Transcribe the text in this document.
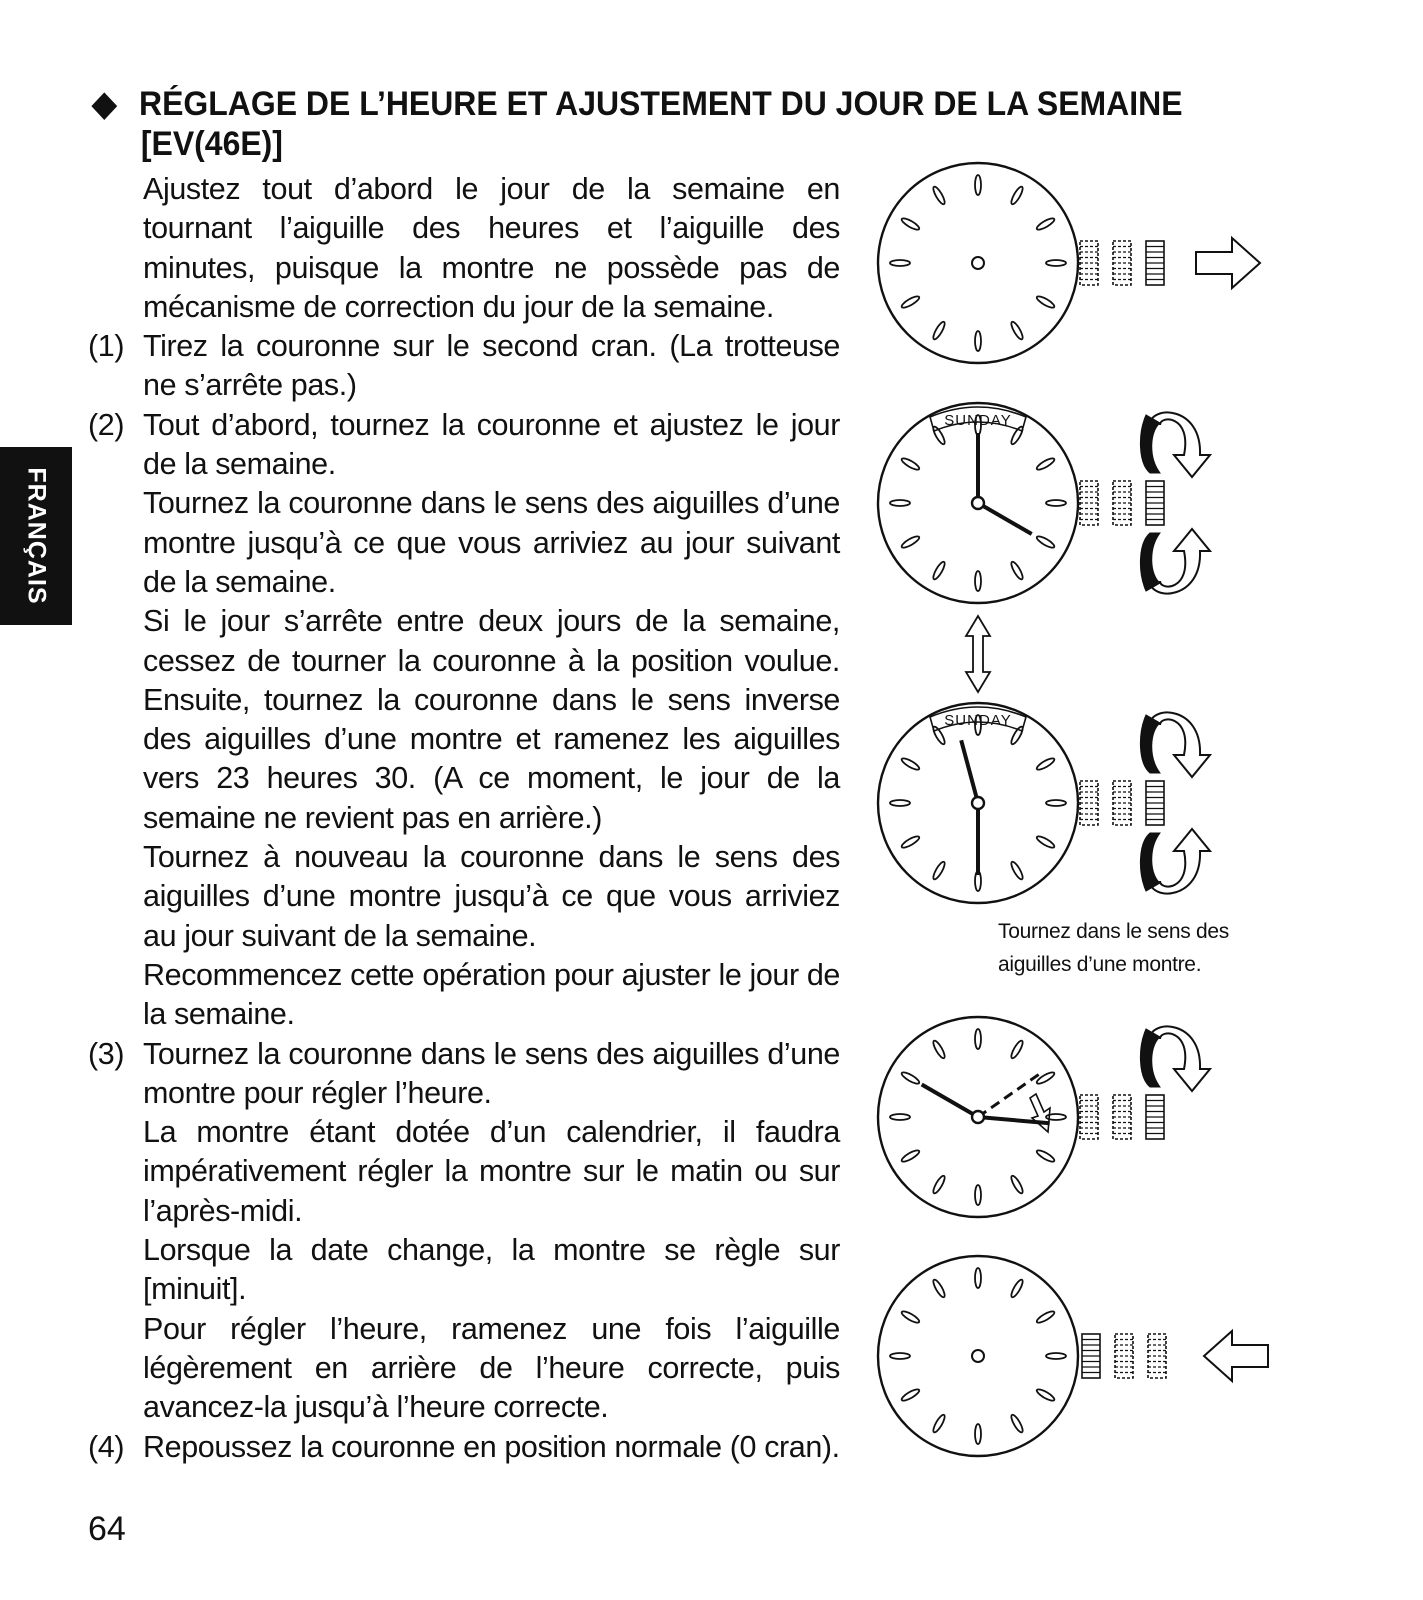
FRANÇAIS
◆ RÉGLAGE DE L’HEURE ET AJUSTEMENT DU JOUR DE LA SEMAINE
[EV(46E)]
Ajustez tout d’abord le jour de la semaine en tournant l’aiguille des heures et l’aiguille des minutes, puisque la montre ne possède pas de mécanisme de correction du jour de la semaine.
(1) Tirez la couronne sur le second cran. (La trotteuse ne s’arrête pas.)
(2) Tout d’abord, tournez la couronne et ajustez le jour de la semaine.
Tournez la couronne dans le sens des aiguilles d’une montre jusqu’à ce que vous arriviez au jour suivant de la semaine.
Si le jour s’arrête entre deux jours de la semaine, cessez de tourner la couronne à la position voulue. Ensuite, tournez la couronne dans le sens inverse des aiguilles d’une montre et ramenez les aiguilles vers 23 heures 30. (A ce moment, le jour de la semaine ne revient pas en arrière.)
Tournez à nouveau la couronne dans le sens des aiguilles d’une montre jusqu’à ce que vous arriviez au jour suivant de la semaine.
Recommencez cette opération pour ajuster le jour de la semaine.
(3) Tournez la couronne dans le sens des aiguilles d’une montre pour régler l’heure.
La montre étant dotée d’un calendrier, il faudra impérativement régler la montre sur le matin ou sur l’après-midi.
Lorsque la date change, la montre se règle sur [minuit].
Pour régler l’heure, ramenez une fois l’aiguille légèrement en arrière de l’heure correcte, puis avancez-la jusqu’à l’heure correcte.
(4) Repoussez la couronne en position normale (0 cran).
Tournez dans le sens des aiguilles d’une montre.
64
SUNDAY
SUNDAY
